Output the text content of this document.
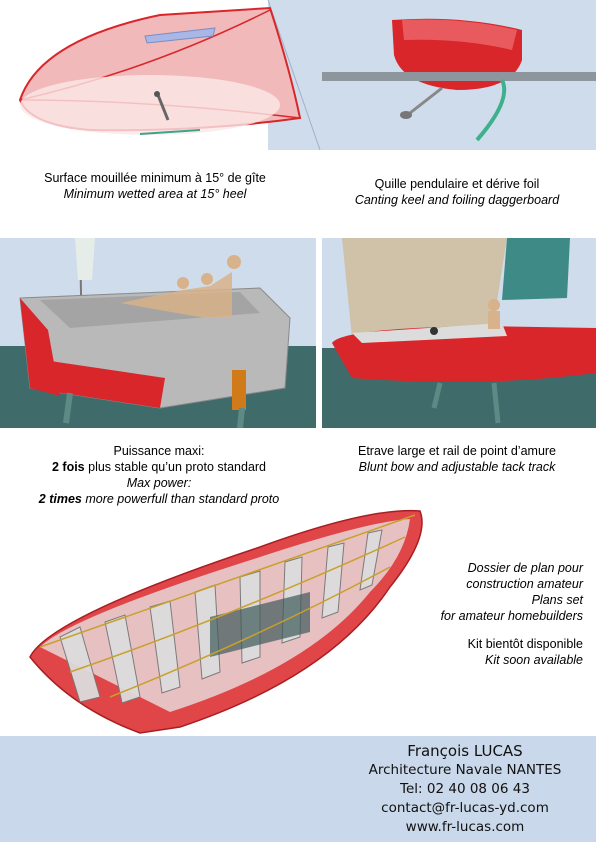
Surface mouillée minimum à 15° de gîte
Minimum wetted area at 15° heel
Quille pendulaire et dérive foil
Canting keel and foiling daggerboard
Puissance maxi:
2 fois plus stable qu’un proto standard
Max power:
2 times more powerfull than standard proto
Etrave large et rail de point d’amure
Blunt bow and adjustable tack track
Dossier de plan pour
construction amateur
Plans set
for amateur homebuilders
Kit bientôt disponible
Kit soon available
François LUCAS
Architecture Navale NANTES
Tel: 02 40 08 06 43
contact@fr-lucas-yd.com
www.fr-lucas.com
